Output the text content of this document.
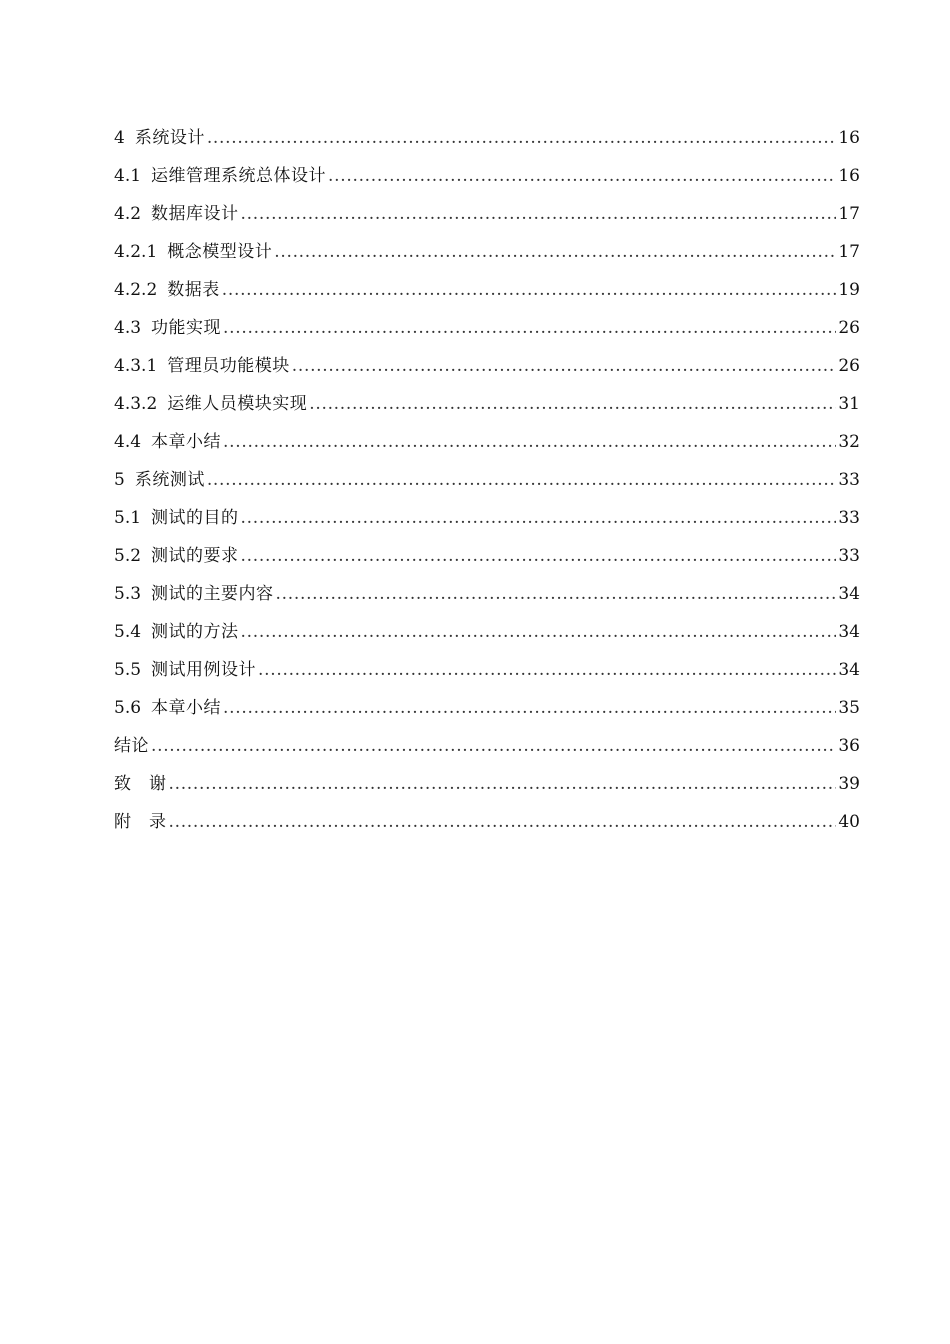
4 系统设计 .....	16
4.1 运维管理系统总体设计 .....	16
4.2 数据库设计 .....	17
4.2.1 概念模型设计 .....	17
4.2.2 数据表 .....	19
4.3 功能实现 .....	26
4.3.1 管理员功能模块 .....	26
4.3.2 运维人员模块实现 .....	31
4.4 本章小结 .....	32
5 系统测试 .....	33
5.1 测试的目的 .....	33
5.2 测试的要求 .....	33
5.3 测试的主要内容 .....	34
5.4 测试的方法 .....	34
5.5 测试用例设计 .....	34
5.6 本章小结 .....	35
结论 .....	36
致　谢 .....	39
附　录 .....	40
